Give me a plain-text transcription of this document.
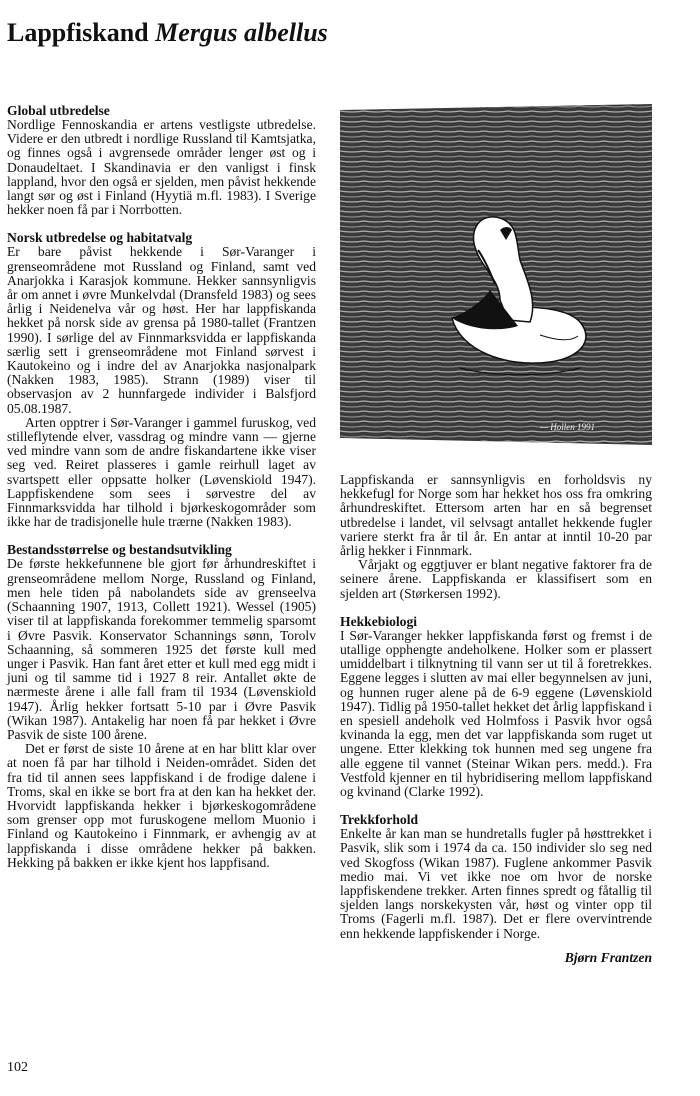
Lappfiskand Mergus albellus
Global utbredelse

Nordlige Fennoskandia er artens vestligste utbredelse. Videre er den utbredt i nordlige Russland til Kamtsjatka, og finnes også i avgrensede områder lenger øst og i Donaudeltaet. I Skandinavia er den vanligst i finsk lappland, hvor den også er sjelden, men påvist hekkende langt sør og øst i Finland (Hyytiä m.fl. 1983). I Sverige hekker noen få par i Norrbotten.

Norsk utbredelse og habitatvalg

Er bare påvist hekkende i Sør-Varanger i grenseområdene mot Russland og Finland, samt ved Anarjokka i Karasjok kommune. Hekker sannsynligvis år om annet i øvre Munkelvdal (Dransfeld 1983) og sees årlig i Neidenelva vår og høst. Her har lappfiskanda hekket på norsk side av grensa på 1980-tallet (Frantzen 1990). I sørlige del av Finnmarksvidda er lappfiskanda særlig sett i grenseområdene mot Finland sørvest i Kautokeino og i indre del av Anarjokka nasjonalpark (Nakken 1983, 1985). Strann (1989) viser til observasjon av 2 hunnfargede individer i Balsfjord 05.08.1987.

Arten opptrer i Sør-Varanger i gammel furuskog, ved stilleflytende elver, vassdrag og mindre vann — gjerne ved mindre vann som de andre fiskandartene ikke viser seg ved. Reiret plasseres i gamle reirhull laget av svartspett eller oppsatte holker (Løvenskiold 1947). Lappfiskendene som sees i sørvestre del av Finnmarksvidda har tilhold i bjørkeskogområder som ikke har de tradisjonelle hule trærne (Nakken 1983).

Bestandsstørrelse og bestandsutvikling

De første hekkefunnene ble gjort før århundreskiftet i grenseområdene mellom Norge, Russland og Finland, men hele tiden på nabolandets side av grenseelva (Schaanning 1907, 1913, Collett 1921). Wessel (1905) viser til at lappfiskanda forekommer temmelig sparsomt i Øvre Pasvik. Konservator Schannings sønn, Torolv Schaanning, så sommeren 1925 det første kull med unger i Pasvik. Han fant året etter et kull med egg midt i juni og til samme tid i 1927 8 reir. Antallet økte de nærmeste årene i alle fall fram til 1934 (Løvenskiold 1947). Årlig hekker fortsatt 5-10 par i Øvre Pasvik (Wikan 1987). Antakelig har noen få par hekket i Øvre Pasvik de siste 100 årene.

Det er først de siste 10 årene at en har blitt klar over at noen få par har tilhold i Neiden-området. Siden det fra tid til annen sees lappfiskand i de frodige dalene i Troms, skal en ikke se bort fra at den kan ha hekket der. Hvorvidt lappfiskanda hekker i bjørkeskogområdene som grenser opp mot furuskogene mellom Muonio i Finland og Kautokeino i Finnmark, er avhengig av at lappfiskanda i disse områdene hekker på bakken. Hekking på bakken er ikke kjent hos lappfisand.

— Hollen 1991

Lappfiskanda er sannsynligvis en forholdsvis ny hekkefugl for Norge som har hekket hos oss fra omkring århundreskiftet. Ettersom arten har en så begrenset utbredelse i landet, vil selvsagt antallet hekkende fugler variere sterkt fra år til år. En antar at inntil 10-20 par årlig hekker i Finnmark.

Vårjakt og eggtjuver er blant negative faktorer fra de seinere årene. Lappfiskanda er klassifisert som en sjelden art (Størkersen 1992).

Hekkebiologi

I Sør-Varanger hekker lappfiskanda først og fremst i de utallige opphengte andeholkene. Holker som er plassert umiddelbart i tilknytning til vann ser ut til å foretrekkes. Eggene legges i slutten av mai eller begynnelsen av juni, og hunnen ruger alene på de 6-9 eggene (Løvenskiold 1947). Tidlig på 1950-tallet hekket det årlig lappfiskand i en spesiell andeholk ved Holmfoss i Pasvik hvor også kvinanda la egg, men det var lappfiskanda som ruget ut ungene. Etter klekking tok hunnen med seg ungene fra alle eggene til vannet (Steinar Wikan pers. medd.). Fra Vestfold kjenner en til hybridisering mellom lappfiskand og kvinand (Clarke 1992).

Trekkforhold

Enkelte år kan man se hundretalls fugler på høsttrekket i Pasvik, slik som i 1974 da ca. 150 individer slo seg ned ved Skogfoss (Wikan 1987). Fuglene ankommer Pasvik medio mai. Vi vet ikke noe om hvor de norske lappfiskendene trekker. Arten finnes spredt og fåtallig til sjelden langs norskekysten vår, høst og vinter opp til Troms (Fagerli m.fl. 1987). Det er flere overvintrende enn hekkende lappfiskender i Norge.

Bjørn Frantzen

102
